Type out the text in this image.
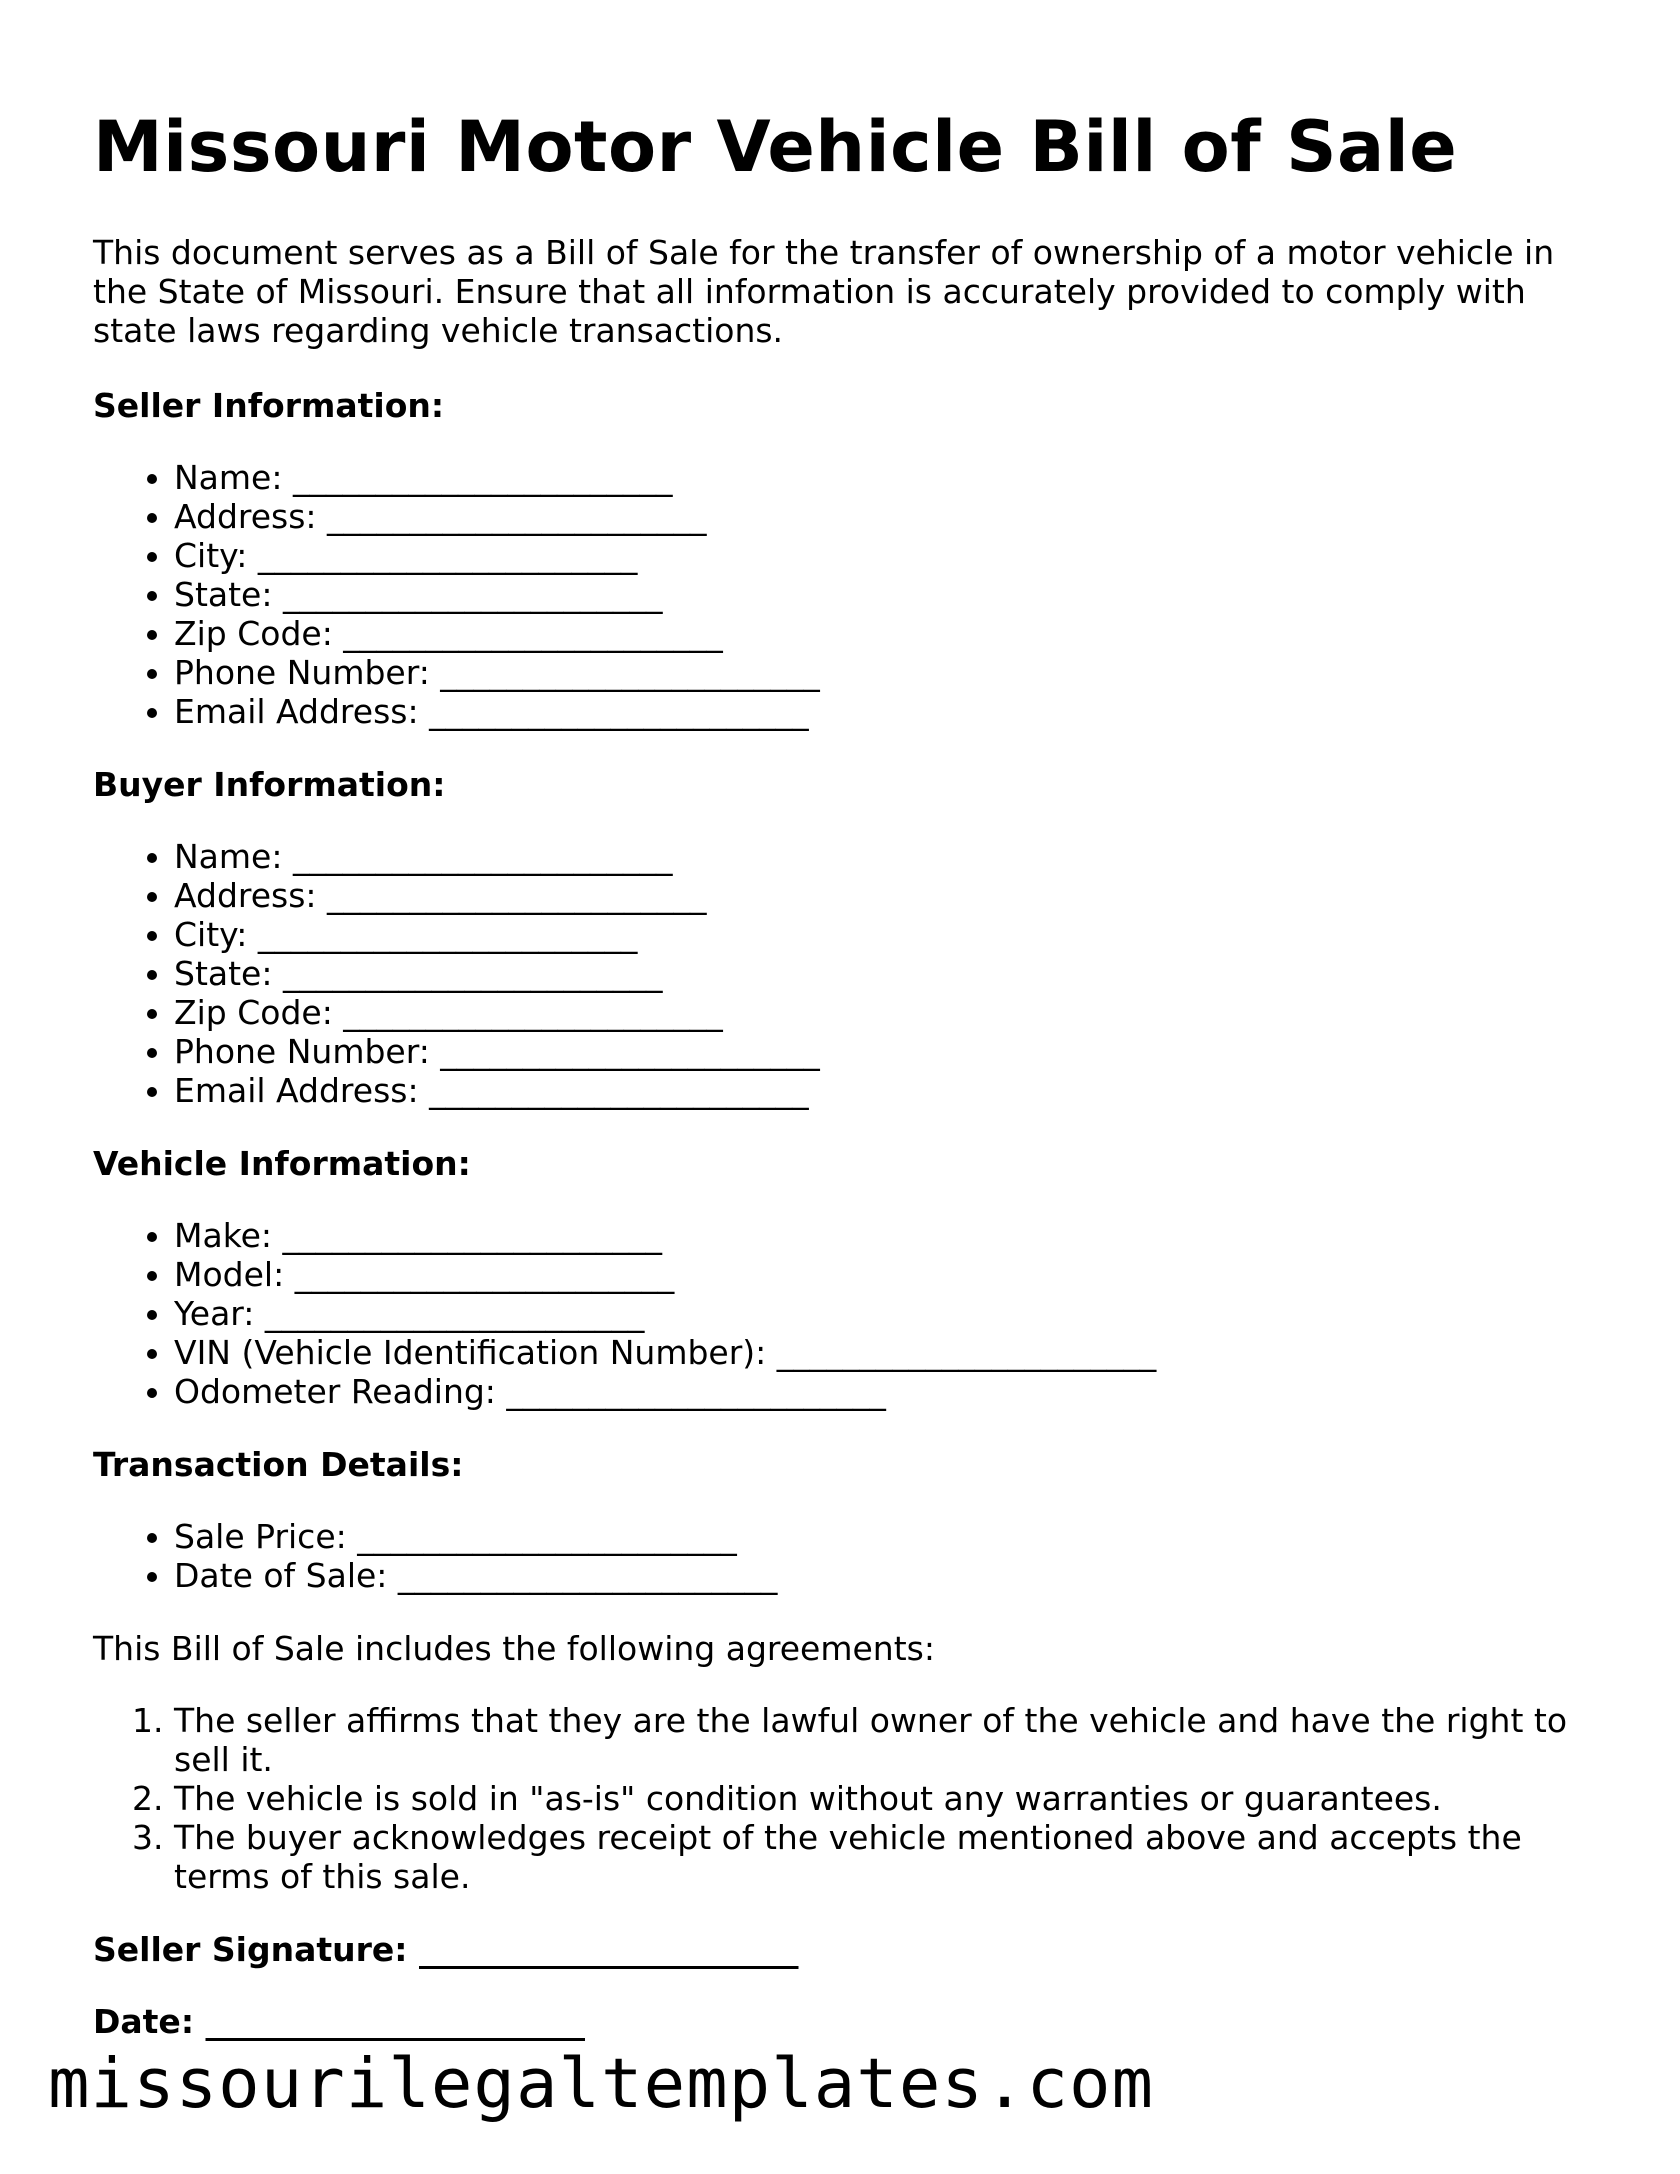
Missouri Motor Vehicle Bill of Sale

This document serves as a Bill of Sale for the transfer of ownership of a motor vehicle in the State of Missouri. Ensure that all information is accurately provided to comply with state laws regarding vehicle transactions.

Seller Information:
• Name: _______________________
• Address: _______________________
• City: _______________________
• State: _______________________
• Zip Code: _______________________
• Phone Number: _______________________
• Email Address: _______________________
Buyer Information:
• Name: _______________________
• Address: _______________________
• City: _______________________
• State: _______________________
• Zip Code: _______________________
• Phone Number: _______________________
• Email Address: _______________________
Vehicle Information:
• Make: _______________________
• Model: _______________________
• Year: _______________________
• VIN (Vehicle Identification Number): _______________________
• Odometer Reading: _______________________
Transaction Details:
• Sale Price: _______________________
• Date of Sale: _______________________

This Bill of Sale includes the following agreements:

1. The seller affirms that they are the lawful owner of the vehicle and have the right to sell it.
2. The vehicle is sold in "as-is" condition without any warranties or guarantees.
3. The buyer acknowledges receipt of the vehicle mentioned above and accepts the terms of this sale.
Seller Signature: _______________________
Date: _______________________
missourilegaltemplates.com
